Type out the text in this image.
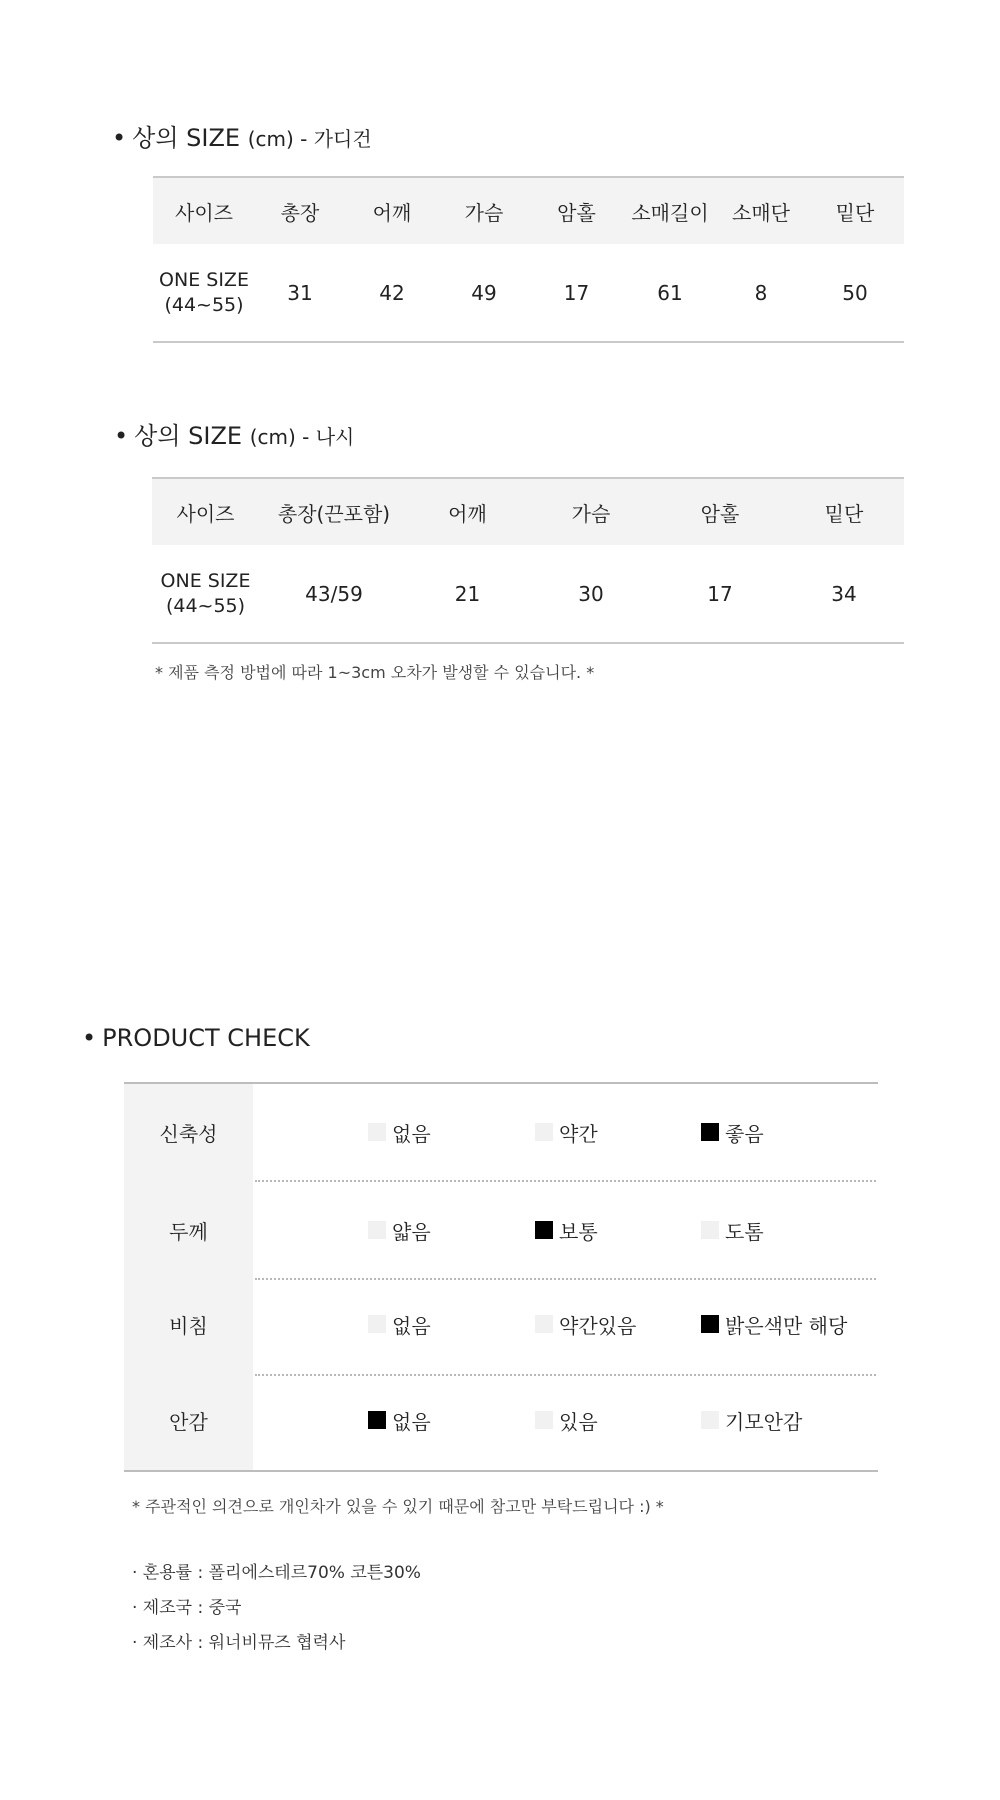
• 상의 SIZE (cm) - 가디건
사이즈	총장	어깨	가슴	암홀	소매길이	소매단	밑단

ONE SIZE
(44~55)	31	42	49	17	61	8	50
• 상의 SIZE (cm) - 나시
사이즈	총장(끈포함)	어깨	가슴	암홀	밑단

ONE SIZE
(44~55)	43/59	21	30	17	34
* 제품 측정 방법에 따라 1~3cm 오차가 발생할 수 있습니다. *
• PRODUCT CHECK
신축성	없음	약간	좋음
두께	얇음	보통	도톰
비침	없음	약간있음	밝은색만 해당
안감	없음	있음	기모안감
* 주관적인 의견으로 개인차가 있을 수 있기 때문에 참고만 부탁드립니다 :) *
· 혼용률 : 폴리에스테르70% 코튼30%
· 제조국 : 중국
· 제조사 : 워너비뮤즈 협력사
